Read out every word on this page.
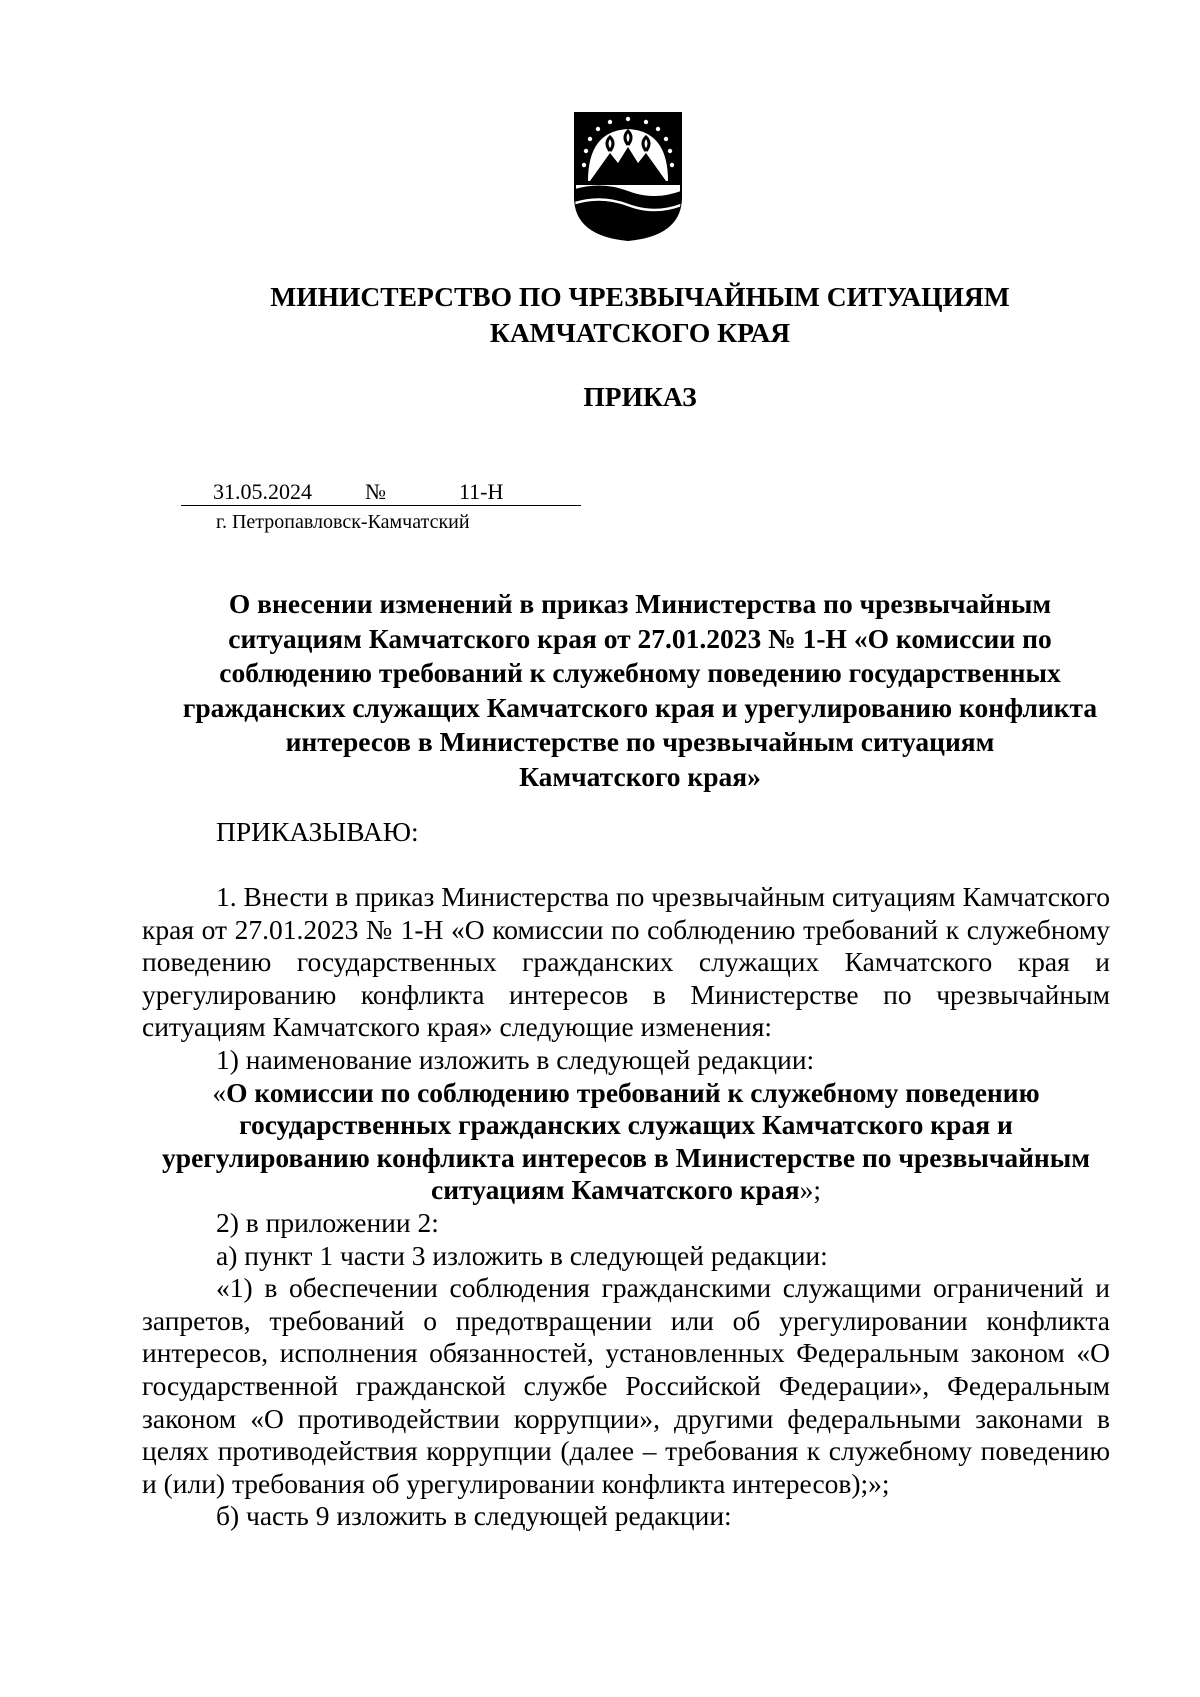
МИНИСТЕРСТВО ПО ЧРЕЗВЫЧАЙНЫМ СИТУАЦИЯМ
КАМЧАТСКОГО КРАЯ
ПРИКАЗ
31.05.2024 №	11-Н
г. Петропавловск-Камчатский
О внесении изменений в приказ Министерства по чрезвычайным
ситуациям Камчатского края от 27.01.2023 № 1-Н «О комиссии по
соблюдению требований к служебному поведению государственных
гражданских служащих Камчатского края и урегулированию конфликта
интересов в Министерстве по чрезвычайным ситуациям
Камчатского края»
ПРИКАЗЫВАЮ:

1. Внести в приказ Министерства по чрезвычайным ситуациям Камчатского края от 27.01.2023 № 1-Н «О комиссии по соблюдению требований к служебному поведению государственных гражданских служащих Камчатского края и урегулированию конфликта интересов в Министерстве по чрезвычайным ситуациям Камчатского края» следующие изменения:

1) наименование изложить в следующей редакции:

«О комиссии по соблюдению требований к служебному поведению
государственных гражданских служащих Камчатского края и
урегулированию конфликта интересов в Министерстве по чрезвычайным
ситуациям Камчатского края»;

2) в приложении 2:

а) пункт 1 части 3 изложить в следующей редакции:

«1) в обеспечении соблюдения гражданскими служащими ограничений и запретов, требований о предотвращении или об урегулировании конфликта интересов, исполнения обязанностей, установленных Федеральным законом «О государственной гражданской службе Российской Федерации», Федеральным законом «О противодействии коррупции», другими федеральными законами в целях противодействия коррупции (далее – требования к служебному поведению и (или) требования об урегулировании конфликта интересов);»;

б) часть 9 изложить в следующей редакции:
